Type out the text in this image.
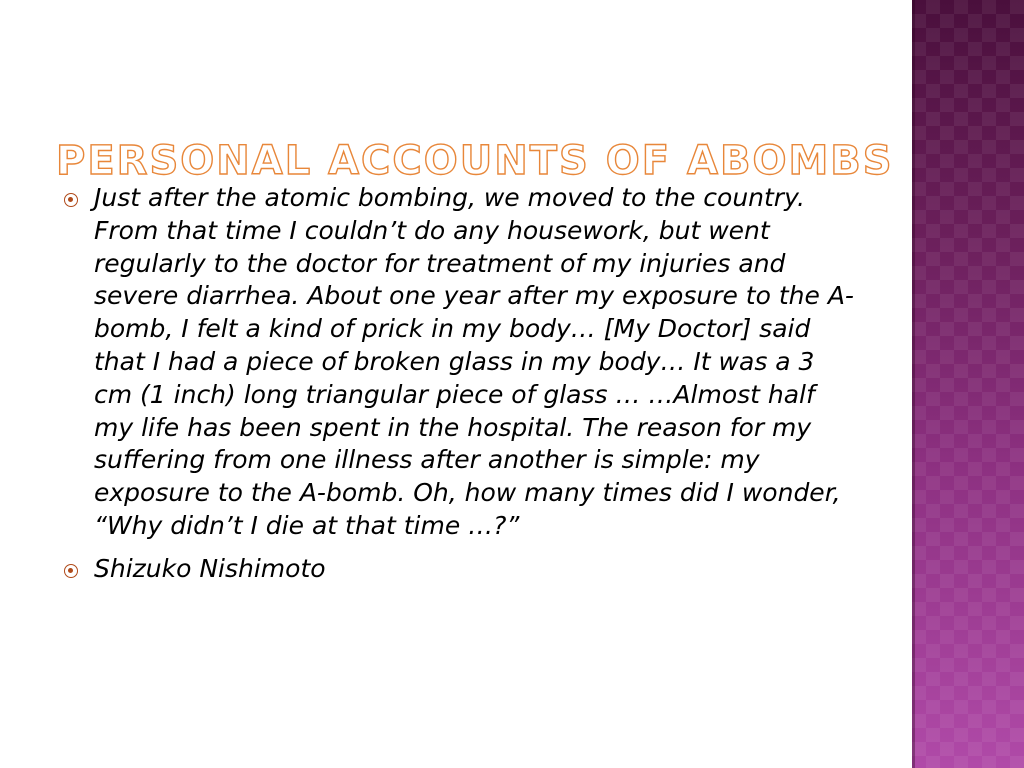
PERSONAL ACCOUNTS OF ABOMBS
Just after the atomic bombing, we moved to the country. From that time I couldn’t do any housework, but went regularly to the doctor for treatment of my injuries and severe diarrhea. About one year after my exposure to the A-bomb, I felt a kind of prick in my body… [My Doctor] said that I had a piece of broken glass in my body… It was a 3 cm (1 inch) long triangular piece of glass … …Almost half my life has been spent in the hospital. The reason for my suffering from one illness after another is simple: my exposure to the A-bomb. Oh, how many times did I wonder, “Why didn’t I die at that time …?”
Shizuko Nishimoto
